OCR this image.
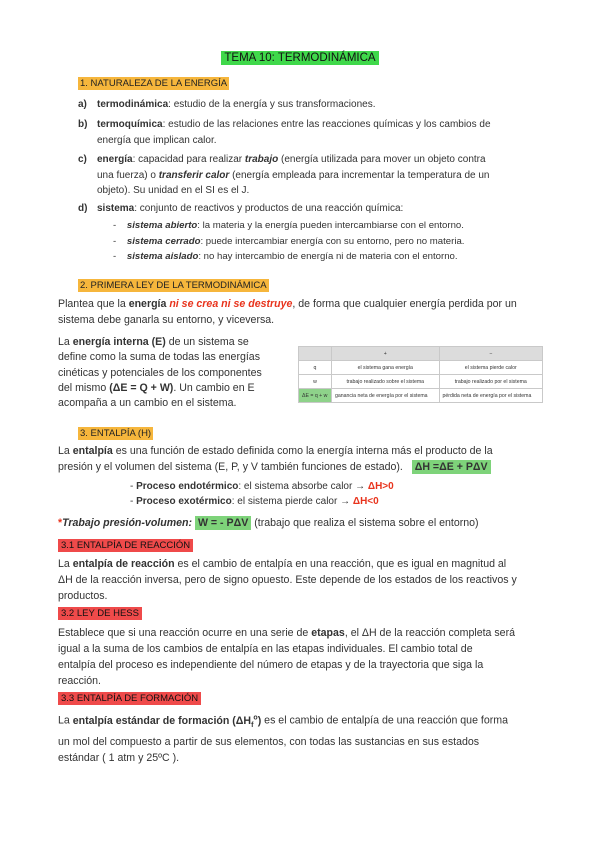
TEMA 10: TERMODINÁMICA
1. NATURALEZA DE LA ENERGÍA
a) termodinámica: estudio de la energía y sus transformaciones.
b) termoquímica: estudio de las relaciones entre las reacciones químicas y los cambios de
energía que implican calor.
c) energía: capacidad para realizar trabajo (energía utilizada para mover un objeto contra
una fuerza) o transferir calor (energía empleada para incrementar la temperatura de un
objeto). Su unidad en el SI es el J.
d) sistema: conjunto de reactivos y productos de una reacción química:
- sistema abierto: la materia y la energía pueden intercambiarse con el entorno.
- sistema cerrado: puede intercambiar energía con su entorno, pero no materia.
- sistema aislado: no hay intercambio de energía ni de materia con el entorno.
2. PRIMERA LEY DE LA TERMODINÁMICA
Plantea que la energía ni se crea ni se destruye, de forma que cualquier energía perdida por un
sistema debe ganarla su entorno, y viceversa.
La energía interna (E) de un sistema se
define como la suma de todas las energías
cinéticas y potenciales de los componentes
del mismo (ΔE = Q + W). Un cambio en E
acompaña a un cambio en el sistema.
	+	−
q	el sistema gana energía	el sistema pierde calor
w	trabajo realizado sobre el sistema	trabajo realizado por el sistema
ΔE = q + w	ganancia neta de energía por el sistema	pérdida neta de energía por el sistema
3. ENTALPÍA (H)
La entalpía es una función de estado definida como la energía interna más el producto de la
presión y el volumen del sistema (E, P, y V también funciones de estado). ΔH =ΔE + PΔV
- Proceso endotérmico: el sistema absorbe calor → ΔH>0
- Proceso exotérmico: el sistema pierde calor → ΔH<0
*Trabajo presión-volumen: W = - PΔV (trabajo que realiza el sistema sobre el entorno)
3.1 ENTALPÍA DE REACCIÓN
La entalpía de reacción es el cambio de entalpía en una reacción, que es igual en magnitud al
ΔH de la reacción inversa, pero de signo opuesto. Este depende de los estados de los reactivos y
productos.
3.2 LEY DE HESS
Establece que si una reacción ocurre en una serie de etapas, el ΔH de la reacción completa será
igual a la suma de los cambios de entalpía en las etapas individuales. El cambio total de
entalpía del proceso es independiente del número de etapas y de la trayectoria que siga la
reacción.
3.3 ENTALPÍA DE FORMACIÓN
La entalpía estándar de formación $(\Delta H_f^o)$ es el cambio de entalpía de una reacción que forma
un mol del compuesto a partir de sus elementos, con todas las sustancias en sus estados
estándar ( 1 atm y 25ºC ).
